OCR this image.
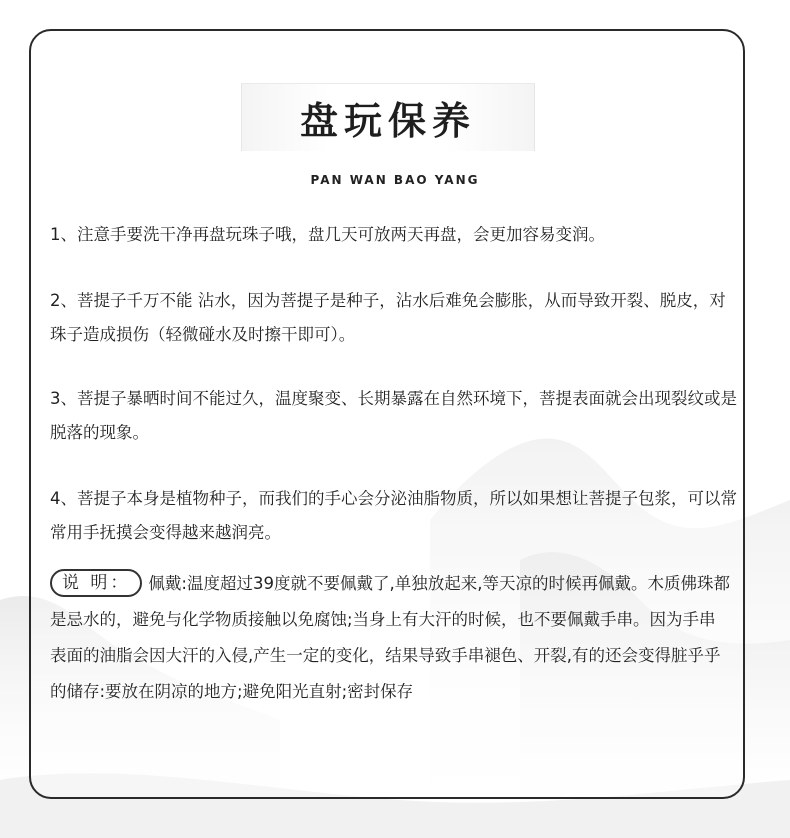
盘玩保养
PAN WAN BAO YANG
1、注意手要洗干净再盘玩珠子哦，盘几天可放两天再盘，会更加容易变润。
2、菩提子千万不能 沾水，因为菩提子是种子，沾水后难免会膨胀，从而导致开裂、脱皮，对珠子造成损伤（轻微碰水及时擦干即可）。
3、菩提子暴晒时间不能过久，温度聚变、长期暴露在自然环境下，菩提表面就会出现裂纹或是脱落的现象。
4、菩提子本身是植物种子，而我们的手心会分泌油脂物质，所以如果想让菩提子包浆，可以常常用手抚摸会变得越来越润亮。
说 明： 佩戴:温度超过39度就不要佩戴了,单独放起来,等天凉的时候再佩戴。木质佛珠都是忌水的，避免与化学物质接触以免腐蚀;当身上有大汗的时候，也不要佩戴手串。因为手串表面的油脂会因大汗的入侵,产生一定的变化，结果导致手串褪色、开裂,有的还会变得脏乎乎的储存:要放在阴凉的地方;避免阳光直射;密封保存
